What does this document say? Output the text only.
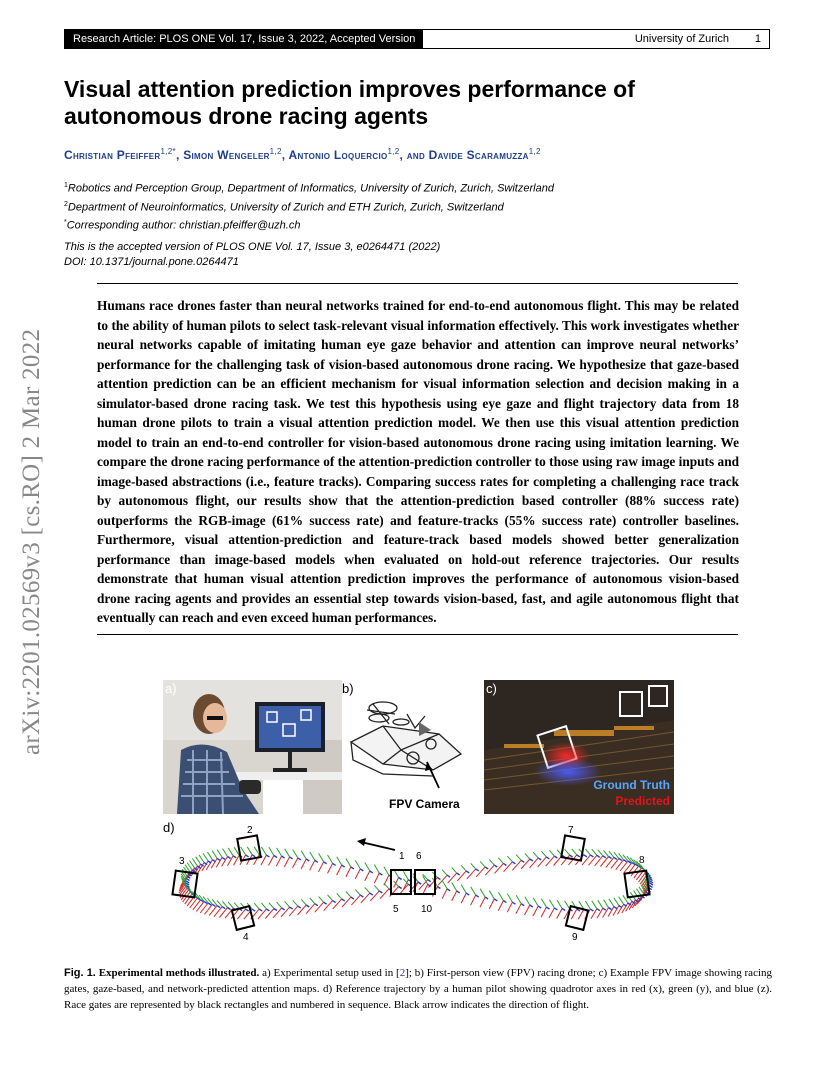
Research Article: PLOS ONE Vol. 17, Issue 3, 2022, Accepted Version	University of Zurich 1
arXiv:2201.02569v3 [cs.RO] 2 Mar 2022
Visual attention prediction improves performance of autonomous drone racing agents
Christian Pfeiffer$^{1,2*}$, Simon Wengeler$^{1,2}$, Antonio Loquercio$^{1,2}$, and Davide Scaramuzza$^{1,2}$
$^1$Robotics and Perception Group, Department of Informatics, University of Zurich, Zurich, Switzerland
$^2$Department of Neuroinformatics, University of Zurich and ETH Zurich, Zurich, Switzerland
*Corresponding author: christian.pfeiffer@uzh.ch
This is the accepted version of PLOS ONE Vol. 17, Issue 3, e0264471 (2022)
DOI: 10.1371/journal.pone.0264471

Humans race drones faster than neural networks trained for end-to-end autonomous flight. This may be related to the ability of human pilots to select task-relevant visual information effectively. This work investigates whether neural networks capable of imitating human eye gaze behavior and attention can improve neural networks’ performance for the challenging task of vision-based autonomous drone racing. We hypothesize that gaze-based attention prediction can be an efficient mechanism for visual information selection and decision making in a simulator-based drone racing task. We test this hypothesis using eye gaze and flight trajectory data from 18 human drone pilots to train a visual attention prediction model. We then use this visual attention prediction model to train an end-to-end controller for vision-based autonomous drone racing using imitation learning. We compare the drone racing performance of the attention-prediction controller to those using raw image inputs and image-based abstractions (i.e., feature tracks). Comparing success rates for completing a challenging race track by autonomous flight, our results show that the attention-prediction based controller (88% success rate) outperforms the RGB-image (61% success rate) and feature-tracks (55% success rate) controller baselines. Furthermore, visual attention-prediction and feature-track based models showed better generalization performance than image-based models when evaluated on hold-out reference trajectories. Our results demonstrate that human visual attention prediction improves the performance of autonomous vision-based drone racing agents and provides an essential step towards vision-based, fast, and agile autonomous flight that eventually can reach and even exceed human performances.

a)	b)
FPV Camera
c)
Ground Truth
Predicted
d)	2
3
4
1 6
5 10
7
8
9

Fig. 1. Experimental methods illustrated. a) Experimental setup used in [2]; b) First-person view (FPV) racing drone; c) Example FPV image showing racing gates, gaze-based, and network-predicted attention maps. d) Reference trajectory by a human pilot showing quadrotor axes in red (x), green (y), and blue (z). Race gates are represented by black rectangles and numbered in sequence. Black arrow indicates the direction of flight.
